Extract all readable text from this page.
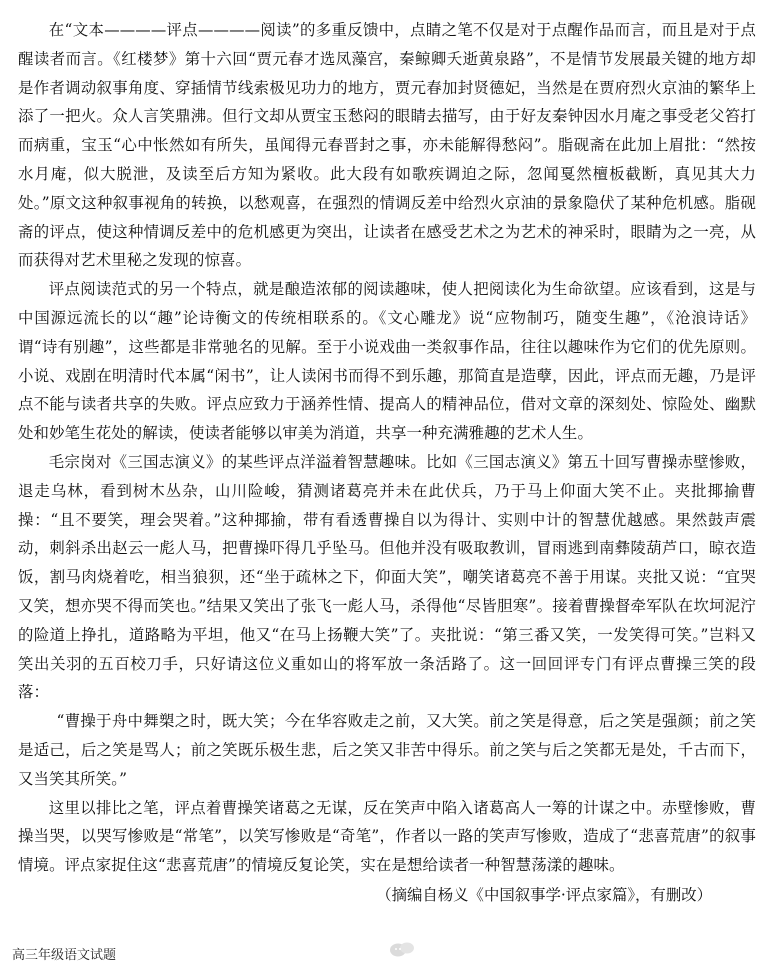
在“文本————评点————阅读”的多重反馈中，点睛之笔不仅是对于点醒作品而言，而且是对于点醒读者而言。《红楼梦》第十六回“贾元春才选凤藻宫，秦鲸卿夭逝黄泉路”，不是情节发展最关键的地方却是作者调动叙事角度、穿插情节线索极见功力的地方，贾元春加封贤德妃，当然是在贾府烈火京油的繁华上添了一把火。众人言笑鼎沸。但行文却从贾宝玉愁闷的眼睛去描写，由于好友秦钟因水月庵之事受老父笞打而病重，宝玉“心中怅然如有所失，虽闻得元春晋封之事，亦未能解得愁闷”。脂砚斋在此加上眉批：“然按水月庵，似大脱泄，及读至后方知为紧收。此大段有如歌疾调迫之际，忽闻戛然檀板截断，真见其大力处。”原文这种叙事视角的转换，以愁观喜，在强烈的情调反差中给烈火京油的景象隐伏了某种危机感。脂砚斋的评点，使这种情调反差中的危机感更为突出，让读者在感受艺术之为艺术的神采时，眼睛为之一亮，从而获得对艺术里秘之发现的惊喜。

评点阅读范式的另一个特点，就是酿造浓郁的阅读趣味，使人把阅读化为生命欲望。应该看到，这是与中国源远流长的以“趣”论诗衡文的传统相联系的。《文心雕龙》说“应物制巧，随变生趣”，《沧浪诗话》谓“诗有别趣”，这些都是非常驰名的见解。至于小说戏曲一类叙事作品，往往以趣味作为它们的优先原则。小说、戏剧在明清时代本属“闲书”，让人读闲书而得不到乐趣，那简直是造孽，因此，评点而无趣，乃是评点不能与读者共享的失败。评点应致力于涵养性情、提高人的精神品位，借对文章的深刻处、惊险处、幽默处和妙笔生花处的解读，使读者能够以审美为消道，共享一种充满雅趣的艺术人生。

毛宗岗对《三国志演义》的某些评点洋溢着智慧趣味。比如《三国志演义》第五十回写曹操赤壁惨败，退走乌林，看到树木丛杂，山川险峻，猜测诸葛亮并未在此伏兵，乃于马上仰面大笑不止。夹批揶揄曹操：“且不要笑，理会哭着。”这种揶揄，带有看透曹操自以为得计、实则中计的智慧优越感。果然鼓声震动，刺斜杀出赵云一彪人马，把曹操吓得几乎坠马。但他并没有吸取教训，冒雨逃到南彝陵葫芦口，晾衣造饭，割马肉烧着吃，相当狼狈，还“坐于疏林之下，仰面大笑”，嘲笑诸葛亮不善于用谋。夹批又说：“宜哭又笑，想亦哭不得而笑也。”结果又笑出了张飞一彪人马，杀得他“尽皆胆寒”。接着曹操督牵军队在坎坷泥泞的险道上挣扎，道路略为平坦，他又“在马上扬鞭大笑”了。夹批说：“第三番又笑，一发笑得可笑。”岂料又笑出关羽的五百校刀手，只好请这位义重如山的将军放一条活路了。这一回回评专门有评点曹操三笑的段落：

“曹操于舟中舞槊之时，既大笑；今在华容败走之前，又大笑。前之笑是得意，后之笑是强颜；前之笑是适己，后之笑是骂人；前之笑既乐极生悲，后之笑又非苦中得乐。前之笑与后之笑都无是处，千古而下，又当笑其所笑。”

这里以排比之笔，评点着曹操笑诸葛之无谋，反在笑声中陷入诸葛高人一筹的计谋之中。赤壁惨败，曹操当哭，以哭写惨败是“常笔”，以笑写惨败是“奇笔”，作者以一路的笑声写惨败，造成了“悲喜荒唐”的叙事情境。评点家捉住这“悲喜荒唐”的情境反复论笑，实在是想给读者一种智慧荡漾的趣味。

（摘编自杨义《中国叙事学·评点家篇》，有删改）

高三年级语文试题
